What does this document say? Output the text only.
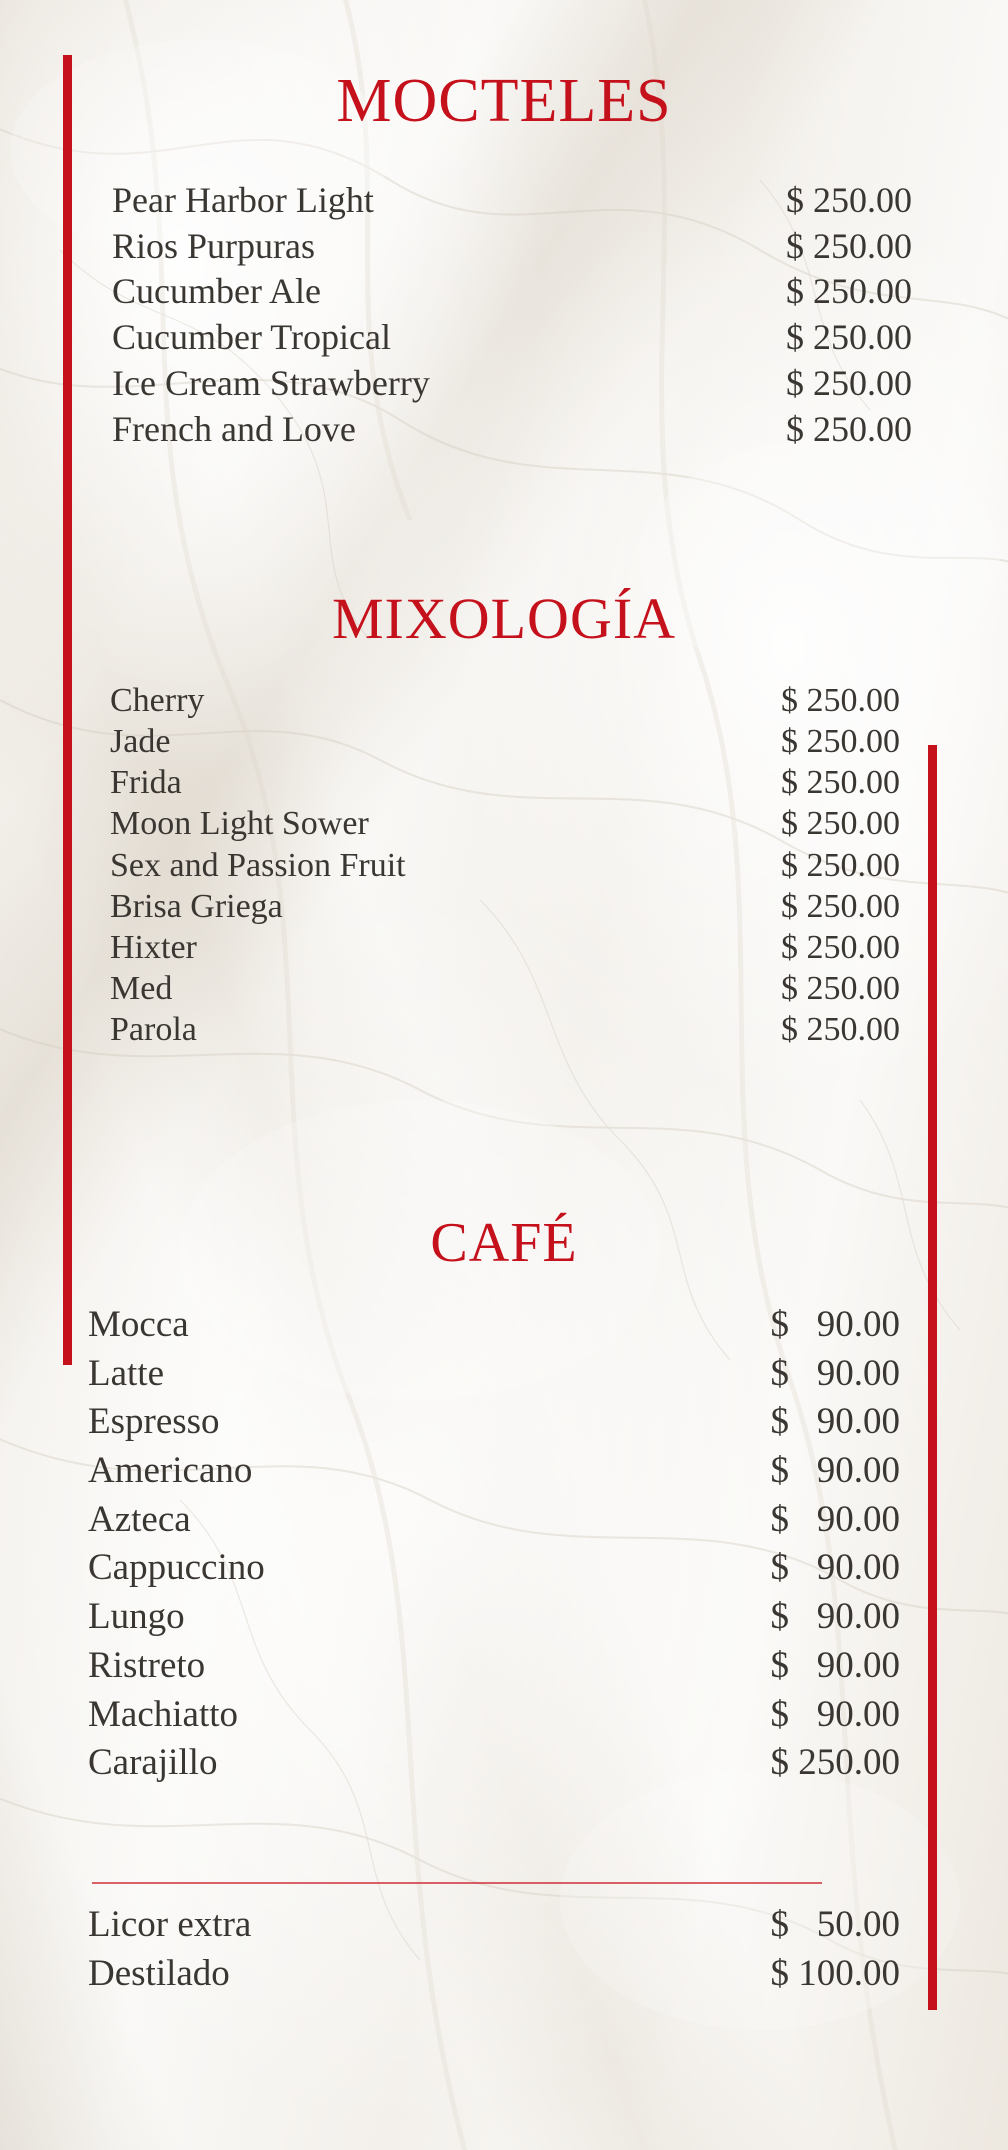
MOCTELES
Pear Harbor Light	$ 250.00
Rios Purpuras	$ 250.00
Cucumber Ale	$ 250.00
Cucumber Tropical	$ 250.00
Ice Cream Strawberry	$ 250.00
French and Love	$ 250.00
MIXOLOGÍA
Cherry	$ 250.00
Jade	$ 250.00
Frida	$ 250.00
Moon Light Sower	$ 250.00
Sex and Passion Fruit	$ 250.00
Brisa Griega	$ 250.00
Hixter	$ 250.00
Med	$ 250.00
Parola	$ 250.00
CAFÉ
Mocca	$   90.00
Latte	$   90.00
Espresso	$   90.00
Americano	$   90.00
Azteca	$   90.00
Cappuccino	$   90.00
Lungo	$   90.00
Ristreto	$   90.00
Machiatto	$   90.00
Carajillo	$ 250.00
Licor extra	$   50.00
Destilado	$ 100.00
